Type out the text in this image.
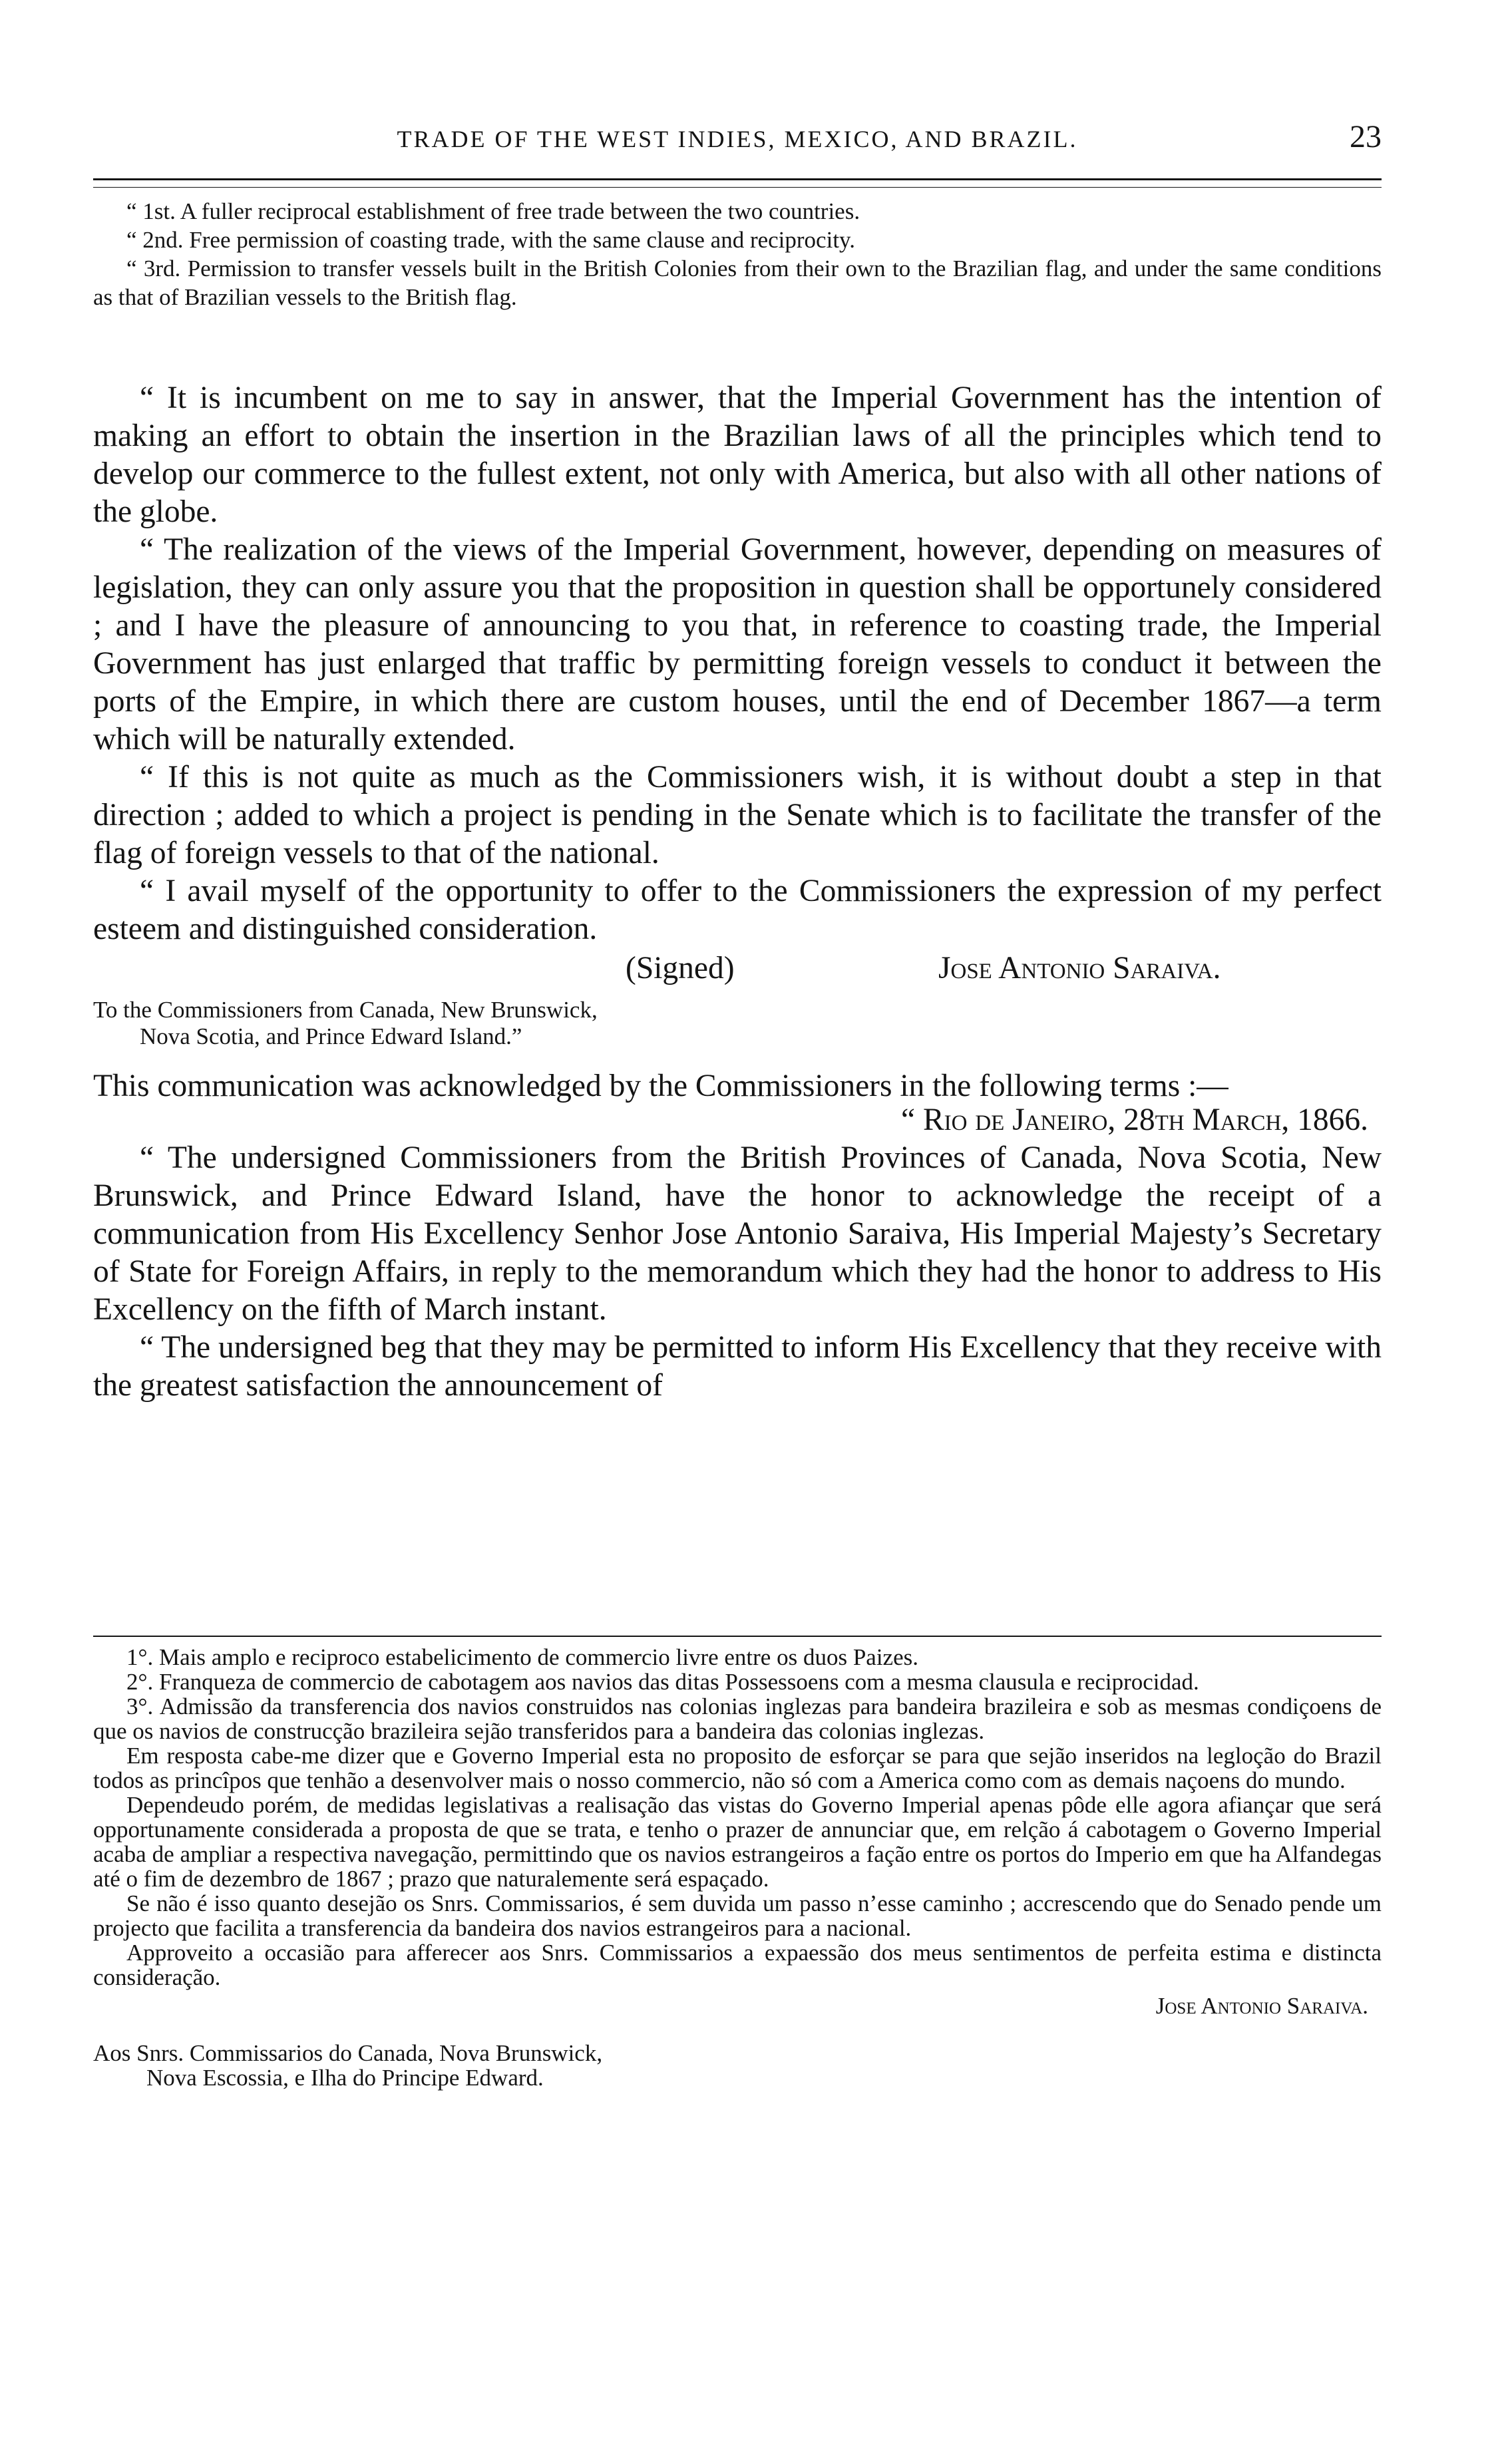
TRADE OF THE WEST INDIES, MEXICO, AND BRAZIL.	23

“ 1st. A fuller reciprocal establishment of free trade between the two countries.

“ 2nd. Free permission of coasting trade, with the same clause and reciprocity.

“ 3rd. Permission to transfer vessels built in the British Colonies from their own to the Brazilian flag, and under the same conditions as that of Brazilian vessels to the British flag.

“ It is incumbent on me to say in answer, that the Imperial Government has the intention of making an effort to obtain the insertion in the Brazilian laws of all the principles which tend to develop our commerce to the fullest extent, not only with America, but also with all other nations of the globe.

“ The realization of the views of the Imperial Government, however, depending on measures of legislation, they can only assure you that the proposition in question shall be opportunely considered ; and I have the pleasure of announcing to you that, in reference to coasting trade, the Imperial Government has just enlarged that traffic by permitting foreign vessels to conduct it between the ports of the Empire, in which there are custom houses, until the end of December 1867—a term which will be naturally extended.

“ If this is not quite as much as the Commissioners wish, it is without doubt a step in that direction ; added to which a project is pending in the Senate which is to facilitate the transfer of the flag of foreign vessels to that of the national.

“ I avail myself of the opportunity to offer to the Commissioners the expression of my perfect esteem and distinguished consideration.

(Signed)	Jose Antonio Saraiva.

To the Commissioners from Canada, New Brunswick,
Nova Scotia, and Prince Edward Island.”

This communication was acknowledged by the Commissioners in the following terms :—

“ Rio de Janeiro, 28th March, 1866.

“ The undersigned Commissioners from the British Provinces of Canada, Nova Scotia, New Brunswick, and Prince Edward Island, have the honor to acknowledge the receipt of a communication from His Excellency Senhor Jose Antonio Saraiva, His Imperial Majesty’s Secretary of State for Foreign Affairs, in reply to the memorandum which they had the honor to address to His Excellency on the fifth of March instant.

“ The undersigned beg that they may be permitted to inform His Excellency that they receive with the greatest satisfaction the announcement of

1°. Mais amplo e reciproco estabelicimento de commercio livre entre os duos Paizes.

2°. Franqueza de commercio de cabotagem aos navios das ditas Possessoens com a mesma clausula e reciprocidad.

3°. Admissão da transferencia dos navios construidos nas colonias inglezas para bandeira brazileira e sob as mesmas condiçoens de que os navios de construcção brazileira sejão transferidos para a bandeira das colonias inglezas.

Em resposta cabe-me dizer que e Governo Imperial esta no proposito de esforçar se para que sejão inseridos na legloção do Brazil todos as princîpos que tenhão a desenvolver mais o nosso commercio, não só com a America como com as demais naçoens do mundo.

Dependeudo porém, de medidas legislativas a realisação das vistas do Governo Imperial apenas pôde elle agora afiançar que será opportunamente considerada a proposta de que se trata, e tenho o prazer de annunciar que, em relção á cabotagem o Governo Imperial acaba de ampliar a respectiva navegação, permittindo que os navios estrangeiros a fação entre os portos do Imperio em que ha Alfandegas até o fim de dezembro de 1867 ; prazo que naturalemente será espaçado.

Se não é isso quanto desejão os Snrs. Commissarios, é sem duvida um passo n’esse caminho ; accrescendo que do Senado pende um projecto que facilita a transferencia da bandeira dos navios estrangeiros para a nacional.

Approveito a occasião para afferecer aos Snrs. Commissarios a expaessão dos meus sentimentos de perfeita estima e distincta consideração.

Jose Antonio Saraiva.

Aos Snrs. Commissarios do Canada, Nova Brunswick,
Nova Escossia, e Ilha do Principe Edward.
